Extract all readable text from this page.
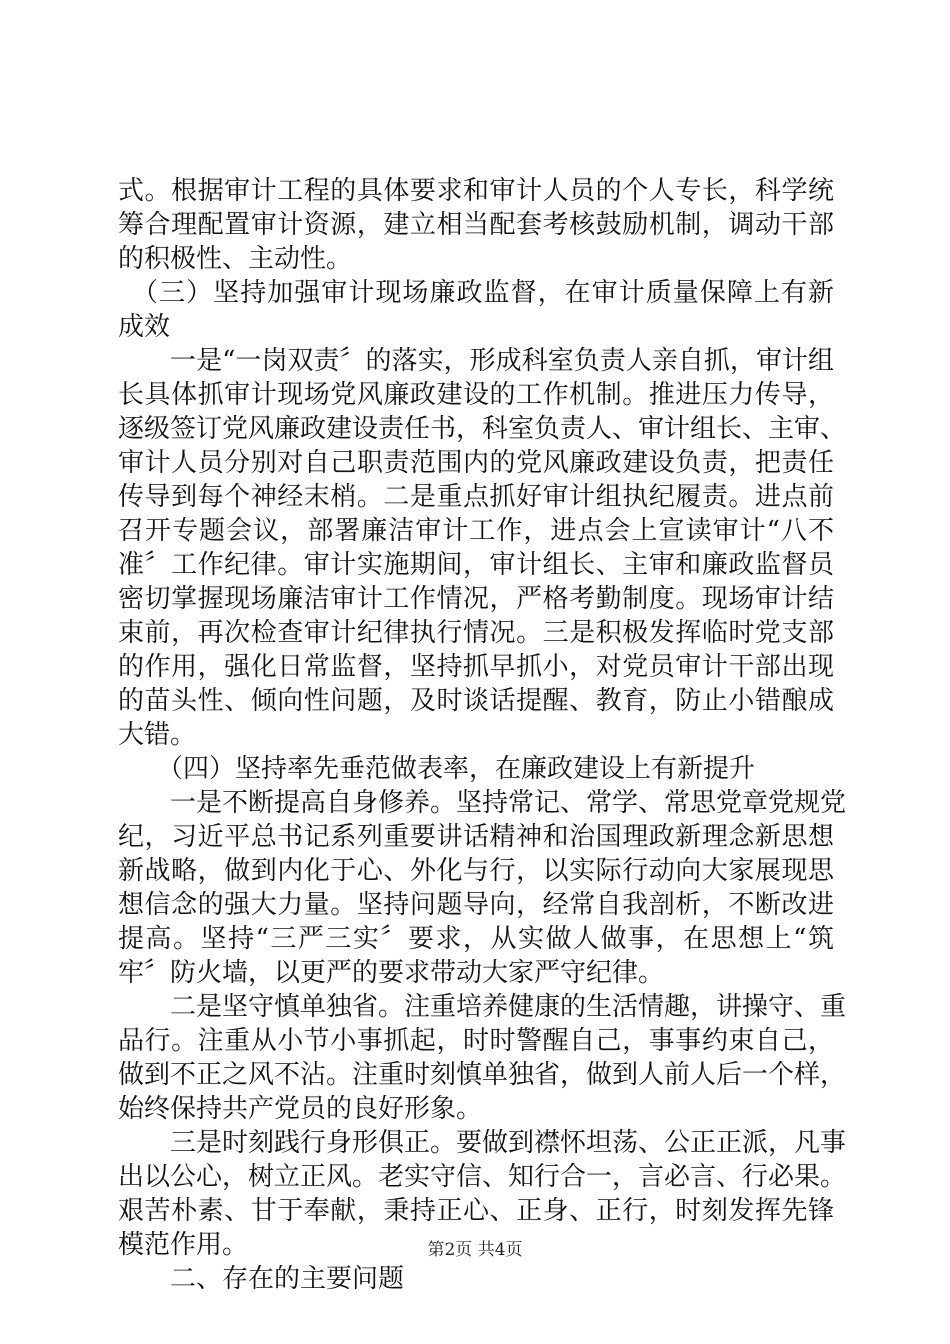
式。根据审计工程的具体要求和审计人员的个人专长，科学统
筹合理配置审计资源，建立相当配套考核鼓励机制，调动干部
的积极性、主动性。
　（三）坚持加强审计现场廉政监督，在审计质量保障上有新
成效
　　一是“一岗双责〞的落实，形成科室负责人亲自抓，审计组
长具体抓审计现场党风廉政建设的工作机制。推进压力传导，
逐级签订党风廉政建设责任书，科室负责人、审计组长、主审、
审计人员分别对自己职责范围内的党风廉政建设负责，把责任
传导到每个神经末梢。二是重点抓好审计组执纪履责。进点前
召开专题会议，部署廉洁审计工作，进点会上宣读审计“八不
准〞工作纪律。审计实施期间，审计组长、主审和廉政监督员
密切掌握现场廉洁审计工作情况，严格考勤制度。现场审计结
束前，再次检查审计纪律执行情况。三是积极发挥临时党支部
的作用，强化日常监督，坚持抓早抓小，对党员审计干部出现
的苗头性、倾向性问题，及时谈话提醒、教育，防止小错酿成
大错。
　　（四）坚持率先垂范做表率，在廉政建设上有新提升
　　一是不断提高自身修养。坚持常记、常学、常思党章党规党
纪，习近平总书记系列重要讲话精神和治国理政新理念新思想
新战略，做到内化于心、外化与行，以实际行动向大家展现思
想信念的强大力量。坚持问题导向，经常自我剖析，不断改进
提高。坚持“三严三实〞要求，从实做人做事，在思想上“筑
牢〞防火墙，以更严的要求带动大家严守纪律。
　　二是坚守慎单独省。注重培养健康的生活情趣，讲操守、重
品行。注重从小节小事抓起，时时警醒自己，事事约束自己，
做到不正之风不沾。注重时刻慎单独省，做到人前人后一个样，
始终保持共产党员的良好形象。
　　三是时刻践行身形俱正。要做到襟怀坦荡、公正正派，凡事
出以公心，树立正风。老实守信、知行合一，言必言、行必果。
艰苦朴素、甘于奉献，秉持正心、正身、正行，时刻发挥先锋
模范作用。
　　二、存在的主要问题
第2页 共4页
